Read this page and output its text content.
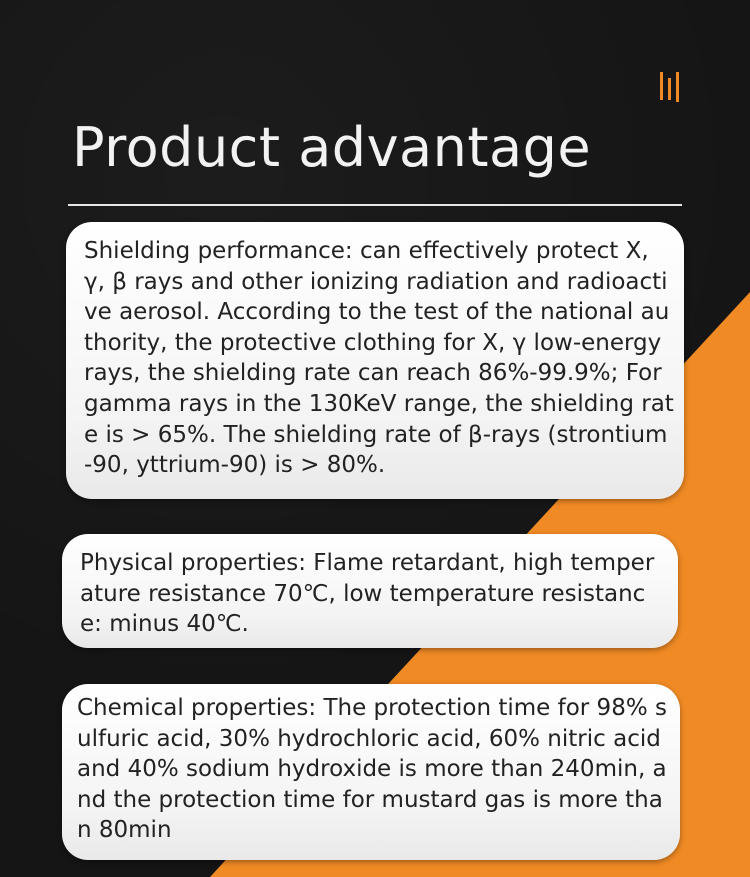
Product advantage

Shielding performance: can effectively protect X, γ, β rays and other ionizing radiation and radioactive aerosol. According to the test of the national authority, the protective clothing for X, γ low-energy rays, the shielding rate can reach 86%-99.9%; For gamma rays in the 130KeV range, the shielding rate is > 65%. The shielding rate of β-rays (strontium-90, yttrium-90) is > 80%.

Physical properties: Flame retardant, high temperature resistance 70℃, low temperature resistance: minus 40℃.

Chemical properties: The protection time for 98% sulfuric acid, 30% hydrochloric acid, 60% nitric acid and 40% sodium hydroxide is more than 240min, and the protection time for mustard gas is more than 80min
